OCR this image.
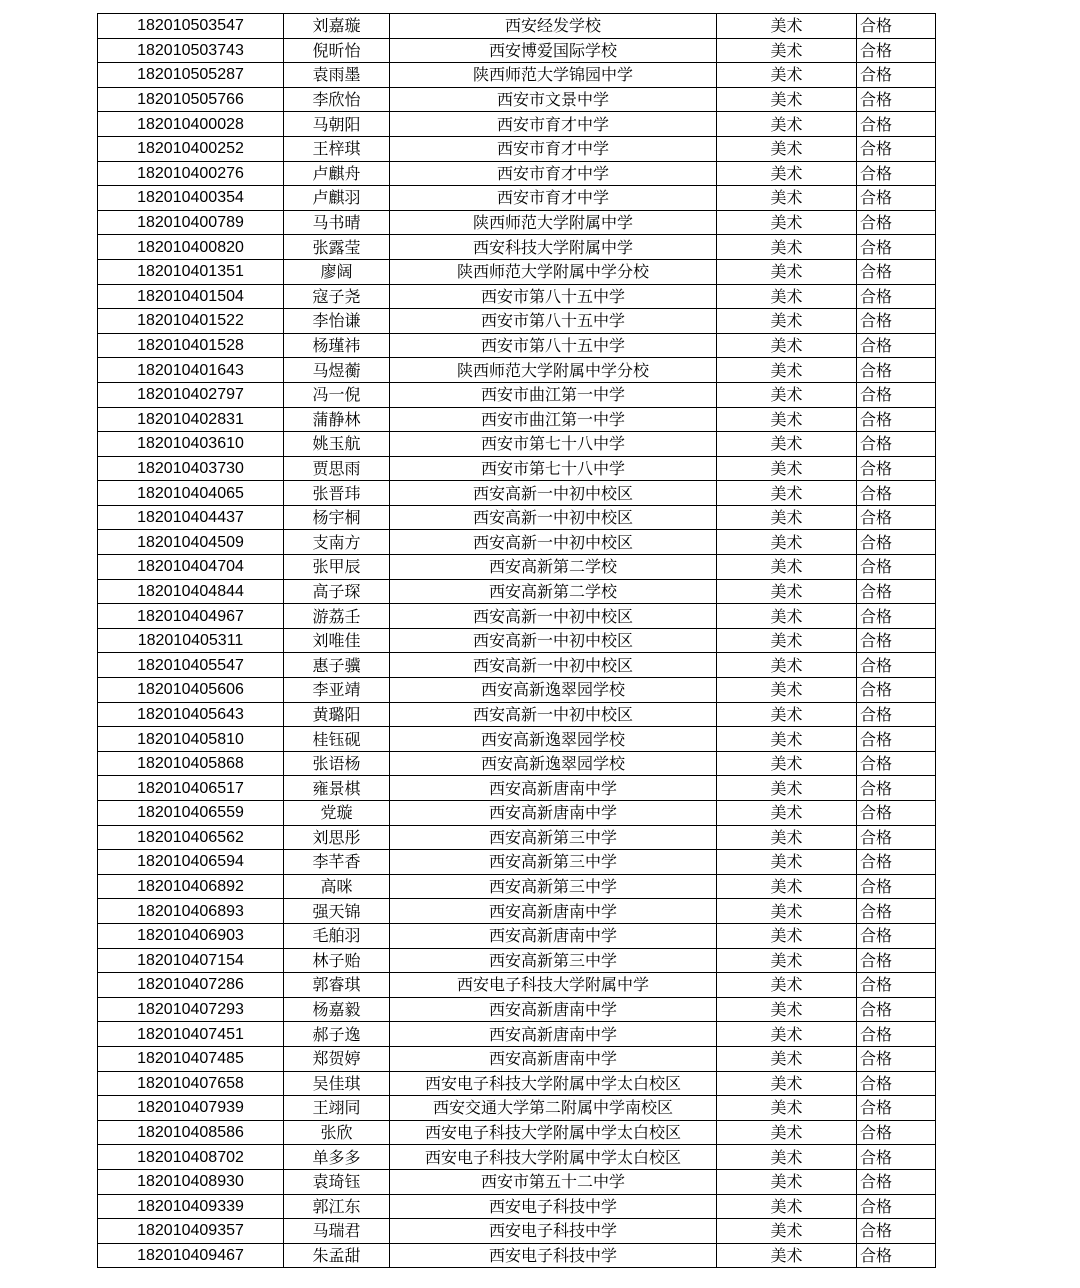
182010503547	刘嘉璇	西安经发学校	美术	合格
182010503743	倪昕怡	西安博爱国际学校	美术	合格
182010505287	袁雨墨	陕西师范大学锦园中学	美术	合格
182010505766	李欣怡	西安市文景中学	美术	合格
182010400028	马朝阳	西安市育才中学	美术	合格
182010400252	王梓琪	西安市育才中学	美术	合格
182010400276	卢麒舟	西安市育才中学	美术	合格
182010400354	卢麒羽	西安市育才中学	美术	合格
182010400789	马书晴	陕西师范大学附属中学	美术	合格
182010400820	张露莹	西安科技大学附属中学	美术	合格
182010401351	廖阔	陕西师范大学附属中学分校	美术	合格
182010401504	寇子尧	西安市第八十五中学	美术	合格
182010401522	李怡谦	西安市第八十五中学	美术	合格
182010401528	杨瑾祎	西安市第八十五中学	美术	合格
182010401643	马煜蘅	陕西师范大学附属中学分校	美术	合格
182010402797	冯一倪	西安市曲江第一中学	美术	合格
182010402831	蒲静林	西安市曲江第一中学	美术	合格
182010403610	姚玉航	西安市第七十八中学	美术	合格
182010403730	贾思雨	西安市第七十八中学	美术	合格
182010404065	张晋玮	西安高新一中初中校区	美术	合格
182010404437	杨宇桐	西安高新一中初中校区	美术	合格
182010404509	支南方	西安高新一中初中校区	美术	合格
182010404704	张甲辰	西安高新第二学校	美术	合格
182010404844	高子琛	西安高新第二学校	美术	合格
182010404967	游荔壬	西安高新一中初中校区	美术	合格
182010405311	刘唯佳	西安高新一中初中校区	美术	合格
182010405547	惠子骥	西安高新一中初中校区	美术	合格
182010405606	李亚靖	西安高新逸翠园学校	美术	合格
182010405643	黄璐阳	西安高新一中初中校区	美术	合格
182010405810	桂钰砚	西安高新逸翠园学校	美术	合格
182010405868	张语杨	西安高新逸翠园学校	美术	合格
182010406517	雍景棋	西安高新唐南中学	美术	合格
182010406559	党璇	西安高新唐南中学	美术	合格
182010406562	刘思彤	西安高新第三中学	美术	合格
182010406594	李芊香	西安高新第三中学	美术	合格
182010406892	高咪	西安高新第三中学	美术	合格
182010406893	强天锦	西安高新唐南中学	美术	合格
182010406903	毛舶羽	西安高新唐南中学	美术	合格
182010407154	林子贻	西安高新第三中学	美术	合格
182010407286	郭睿琪	西安电子科技大学附属中学	美术	合格
182010407293	杨嘉毅	西安高新唐南中学	美术	合格
182010407451	郝子逸	西安高新唐南中学	美术	合格
182010407485	郑贺婷	西安高新唐南中学	美术	合格
182010407658	吴佳琪	西安电子科技大学附属中学太白校区	美术	合格
182010407939	王翊同	西安交通大学第二附属中学南校区	美术	合格
182010408586	张欣	西安电子科技大学附属中学太白校区	美术	合格
182010408702	单多多	西安电子科技大学附属中学太白校区	美术	合格
182010408930	袁琦钰	西安市第五十二中学	美术	合格
182010409339	郭江东	西安电子科技中学	美术	合格
182010409357	马瑞君	西安电子科技中学	美术	合格
182010409467	朱孟甜	西安电子科技中学	美术	合格
